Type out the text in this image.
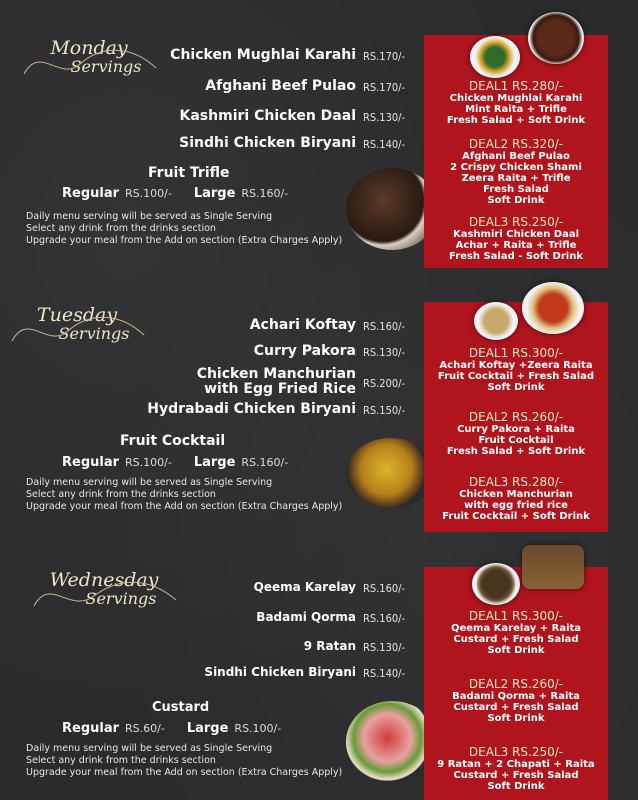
Monday
Servings
Chicken Mughlai Karahi RS.170/-
Afghani Beef Pulao RS.170/-
Kashmiri Chicken Daal RS.130/-
Sindhi Chicken Biryani RS.140/-
Fruit Trifle
Regular RS.100/- Large RS.160/-
Daily menu serving will be served as Single Serving
Select any drink from the drinks section
Upgrade your meal from the Add on section (Extra Charges Apply)
DEAL1 RS.280/-
Chicken Mughlai Karahi
Mint Raita + Trifle
Fresh Salad + Soft Drink
DEAL2 RS.320/-
Afghani Beef Pulao
2 Crispy Chicken Shami
Zeera Raita + Trifle
Fresh Salad
Soft Drink
DEAL3 RS.250/-
Kashmiri Chicken Daal
Achar + Raita + Trifle
Fresh Salad - Soft Drink
Tuesday
Servings	Achari Koftay RS.160/-
Curry Pakora RS.130/-
Chicken Manchurian
with Egg Fried Rice RS.200/-
Hydrabadi Chicken Biryani RS.150/-
Fruit Cocktail
Regular RS.100/- Large RS.160/-
Daily menu serving will be served as Single Serving
Select any drink from the drinks section
Upgrade your meal from the Add on section (Extra Charges Apply)
DEAL1 RS.300/-
Achari Koftay +Zeera Raita
Fruit Cocktail + Fresh Salad
Soft Drink
DEAL2 RS.260/-
Curry Pakora + Raita
Fruit Cocktail
Fresh Salad + Soft Drink
DEAL3 RS.280/-
Chicken Manchurian
with egg fried rice
Fruit Cocktail + Soft Drink
Wednesday
Servings
Qeema Karelay RS.160/-
Badami Qorma RS.160/-
9 Ratan RS.130/-
Sindhi Chicken Biryani RS.140/-
Custard
Regular RS.60/- Large RS.100/-
Daily menu serving will be served as Single Serving
Select any drink from the drinks section
Upgrade your meal from the Add on section (Extra Charges Apply)
DEAL1 RS.300/-
Qeema Karelay + Raita
Custard + Fresh Salad
Soft Drink
DEAL2 RS.260/-
Badami Qorma + Raita
Custard + Fresh Salad
Soft Drink
DEAL3 RS.250/-
9 Ratan + 2 Chapati + Raita
Custard + Fresh Salad
Soft Drink
